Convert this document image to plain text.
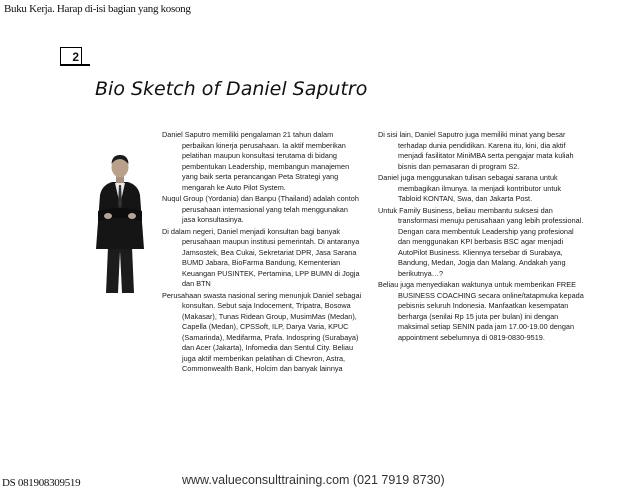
Buku Kerja. Harap di-isi bagian yang kosong
2
Bio Sketch of Daniel Saputro

Daniel Saputro memiliki pengalaman 21 tahun dalam perbaikan kinerja perusahaan. Ia aktif memberikan pelatihan maupun konsultasi terutama di bidang pembentukan Leadership, membangun manajemen yang baik serta perancangan Peta Strategi yang mengarah ke Auto Pilot System.

Nuqul Group (Yordania) dan Banpu (Thailand) adalah contoh perusahaan internasional yang telah menggunakan jasa konsultasinya.

Di dalam negeri, Daniel menjadi konsultan bagi banyak perusahaan maupun institusi pemerintah. Di antaranya Jamsostek, Bea Cukai, Sekretariat DPR, Jasa Sarana BUMD Jabara, BioFarma Bandung, Kementerian Keuangan PUSINTEK, Pertamina, LPP BUMN di Jogja dan BTN

Perusahaan swasta nasional sering menunjuk Daniel sebagai konsultan. Sebut saja Indocement, Tripatra, Bosowa (Makasar), Tunas Ridean Group, MusimMas (Medan), Capella (Medan), CPSSoft, ILP, Darya Varia, KPUC (Samarinda), Medifarma, Prafa. Indospring (Surabaya) dan Acer (Jakarta), Infomedia dan Sentul City. Beliau juga aktif memberikan pelatihan di Chevron, Astra, Commonwealth Bank, Holcim dan banyak lainnya

Di sisi lain, Daniel Saputro juga memiliki minat yang besar terhadap dunia pendidikan. Karena itu, kini, dia aktif menjadi fasilitator MiniMBA serta pengajar mata kuliah bisnis dan pemasaran di program S2.

Daniel juga menggunakan tulisan sebagai sarana untuk membagikan ilmunya. Ia menjadi kontributor untuk Tabloid KONTAN, Swa, dan Jakarta Post.

Untuk Family Business, beliau membantu suksesi dan transformasi menuju perusahaan yang lebih professional. Dengan cara membentuk Leadership yang profesional dan menggunakan KPI berbasis BSC agar menjadi AutoPilot Business. Kliennya tersebar di Surabaya, Bandung, Medan, Jogja dan Malang. Andakah yang berikutnya…?

Beliau juga menyediakan waktunya untuk memberikan FREE BUSINESS COACHING secara online/tatapmuka kepada pebisnis seluruh Indonesia. Manfaatkan kesempatan berharga (senilai Rp 15 juta per bulan) ini dengan maksimal setiap SENIN pada jam 17.00-19.00 dengan appointment sebelumnya di 0819-0830-9519.

DS 081908309519	www.valueconsulttraining.com (021 7919 8730)
